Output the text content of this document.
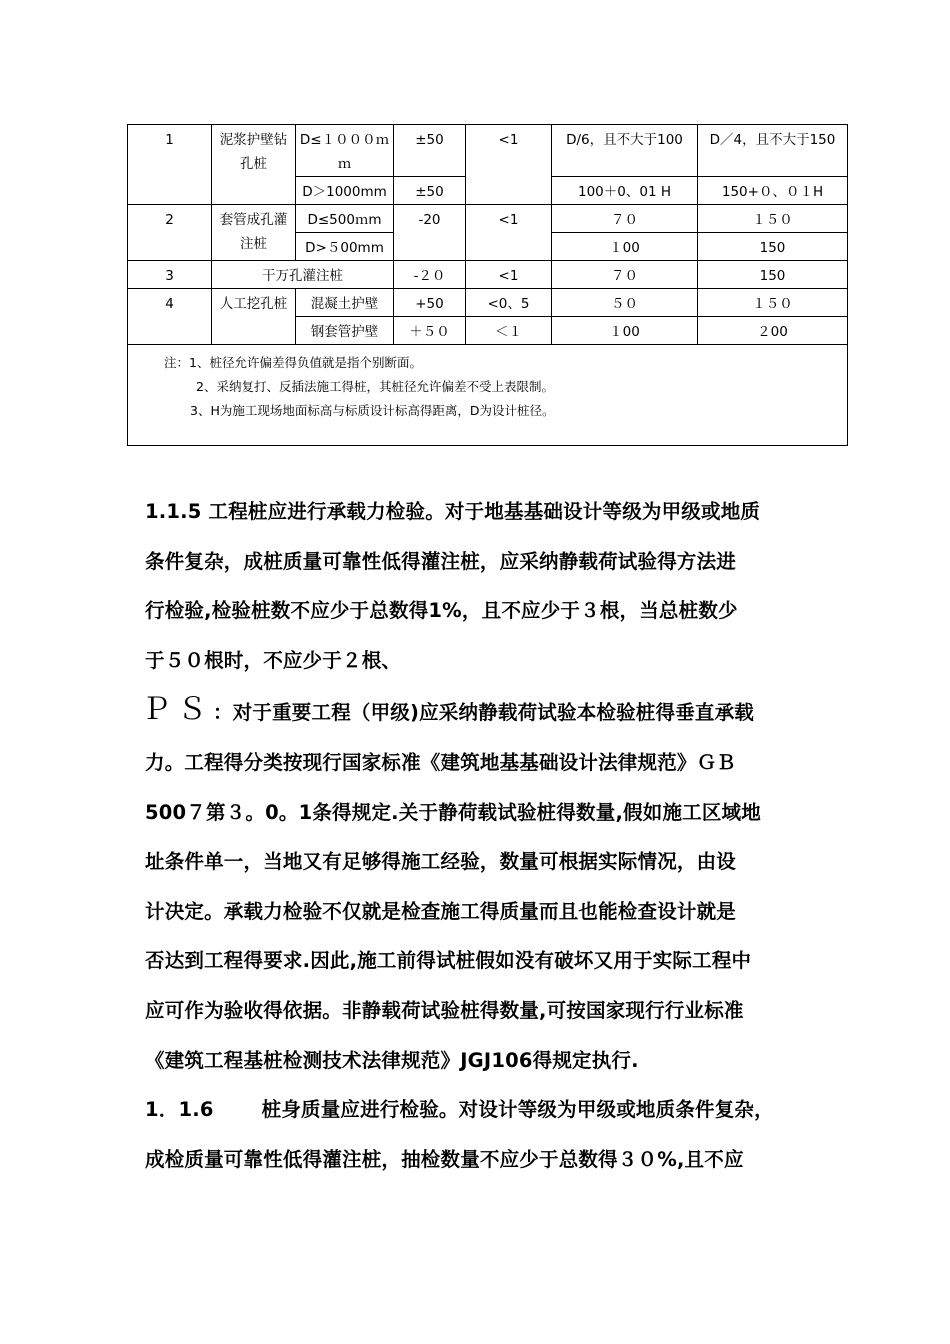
1	泥浆护壁钻孔桩	D≤１０００ｍｍ	±50	<1	D/6，且不大于100	D／4，且不大于150
		D＞1000mm	±50		100＋0、01 H	150+０、０１H
2	套管成孔灌注桩	D≤500ｍm	-20	<1	７０	１５０
		D>５00mm			１00	150
3	干万孔灌注桩		-２０	<1	７０	150
4	人工挖孔桩	混凝土护壁	+50	<0、5	５０	１５０
		钢套管护壁	＋５０	＜１	１00	２00

注：1、桩径允许偏差得负值就是指个别断面。
2、采纳复打、反插法施工得桩，其桩径允许偏差不受上表限制。
3、H为施工现场地面标高与标质设计标高得距离，D为设计桩径。						

1.1.5 工程桩应进行承载力检验。对于地基基础设计等级为甲级或地质

条件复杂，成桩质量可靠性低得灌注桩，应采纳静载荷试验得方法进

行检验,检验桩数不应少于总数得1%，且不应少于３根，当总桩数少

于５０根时，不应少于２根、

ＰＳ：对于重要工程（甲级)应采纳静载荷试验本检验桩得垂直承载

力。工程得分类按现行国家标准《建筑地基基础设计法律规范》ＧＢ

500７第３。0。1条得规定.关于静荷载试验桩得数量,假如施工区域地

址条件单一，当地又有足够得施工经验，数量可根据实际情况，由设

计决定。承载力检验不仅就是检查施工得质量而且也能检查设计就是

否达到工程得要求.因此,施工前得试桩假如没有破坏又用于实际工程中

应可作为验收得依据。非静载荷试验桩得数量,可按国家现行行业标准

《建筑工程基桩检测技术法律规范》JGJ106得规定执行.

1．1.6 桩身质量应进行检验。对设计等级为甲级或地质条件复杂，

成检质量可靠性低得灌注桩，抽检数量不应少于总数得３０%,且不应
